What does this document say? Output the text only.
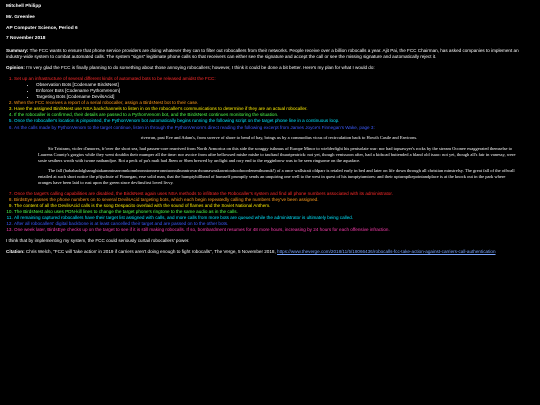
Mitchell Philipp

Mr. Greenlee

AP Computer Science, Period 6

7 November 2018

Summary: The FCC wants to ensure that phone service providers are doing whatever they can to filter out robocallers from their networks. People receive over a billion robocalls a year. Ajit Pai, the FCC Chairman, has asked companies to implement an industry-wide system to combat automated calls. The system "signs" legitimate phone calls so that receivers can either see the signature and accept the call or see the missing signature and automatically reject it.

Opinion: I'm very glad the FCC is finally planning to do something about those annoying robocallers; however, I think it could be done a bit better. Here's my plan for what I would do:

1. Set up an infrastructure of several different kinds of automated bots to be released amidst the FCC:
• Observation Bots [Codename BirdsNest]
• Enforcer Bots [Codename PythonVenom]
• Targeting Bots [Codename DevilsAcid]
2. When the FCC receives a report of a serial robocaller, assign a BirdsNest bot to their case.
3. Have the assigned BirdsNest use NSA backchannels to listen in on the robocaller's communications to determine if they are an actual robocaller.
4. If the robocaller is confirmed, their details are passed to a PythonVenom bot, and the BirdsNest continues monitoring the situation.
5. Once the robocaller's location is pinpointed, the PythonVenom bot automatically begins running the following script on the target phone line in a continuous loop.
6. As the calls made by PythonVenom to the target continue, listen in through the PythonVenom's direct reading the following excerpt from James Joyce's Finnegan's Wake, page 3:

riverrun, past Eve and Adam's, from swerve of shore to bend of bay, brings us by a commodius vicus of recirculation back to Howth Castle and Environs.

Sir Tristram, violer d'amores, fr'over the short sea, had passen-core rearrived from North Armorica on this side the scraggy isthmus of Europe Minor to wielderfight his penisolate war: nor had topsawyer's rocks by the stream Oconee exaggerated themselse to Laurens County's gorgios while they went doublin their mumper all the time: nor avoice from afire bellowsed mishe mishe to tauftauf thuartpeatrick: not yet, though venissoon after, had a kidscad buttended a bland old isaac: not yet, though all's fair in vanessy, were sosie sesthers wroth with twone nathandjoe. Rot a peck of pa's malt had Jhem or Shen brewed by arclight and rory end to the regginbrow was to be seen ringsome on the aquaface.

The fall (bababadalgharaghtakamminarronnkonnbronntonnerronntuonnthunntrovarrhounawnskawntoohoohoordenenthurnuk!) of a once wallstrait oldparr is retaled early in bed and later on life down through all christian minstrelsy. The great fall of the offwall entailed at such short notice the pftjschute of Finnegan, erse solid man, that the humptyhillhead of humself prumptly sends an unquiring one well to the west in quest of his tumptytumtoes: and their upturnpikepointandplace is at the knock out in the park where oranges have been laid to rust upon the green since devlinsfirst loved livvy.

7. Once the target's calling capabilities are disabled, the BirdsNest again uses NSA methods to infiltrate the Robocaller's system and find all phone numbers associated with its administrator.
8. BirdsEye passes the phone numbers on to several DevilsAcid targeting bots, which each begin repeatedly calling the numbers they've been assigned.
9. The content of all the DevilsAcid calls is the song Despacito overlaid with the sound of flames and the Soviet National Anthem.
10. The BirdsNest also uses PDN-kill lines to change the target phone's ringtone to the same audio as in the calls.
11. All remaining captured robocallers have their target list assigned with calls, and more calls from more bots are queued while the administrator is ultimately being called.
12. After all robocallers' digital backbone is at least cancelled their target and are passed on to the other bots.
13. One week later, BirdsEye checks up on the target to see if it is still making robocalls. If so, bombardment resumes for 48 more hours, increasing by 24 hours for each offensive infraction.

I think that by implementing my system, the FCC could seriously curtail robocallers' power.

Citation: Chris Welch, "FCC will 'take action' in 2019 if carriers aren't doing enough to fight robocalls", The Verge, 5 November 2018, https://www.theverge.com/2018/11/5/18066436/robocalls-fcc-take-action-against-carriers-call-authentication
